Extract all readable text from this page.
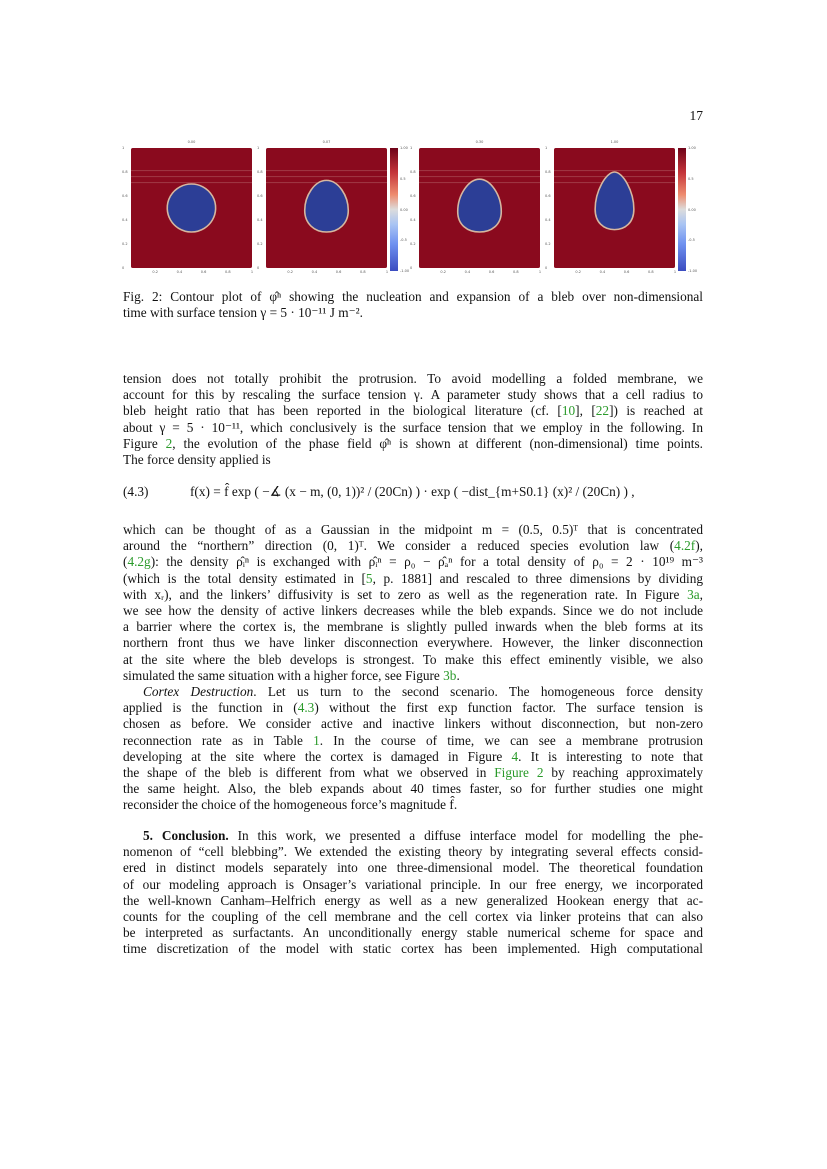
17
0.00
0
0.2
0.4
0.6
0.8
1
0.2	0.4	0.6	0.8	1
0.07
0
0.2
0.4
0.6
0.8
1
0.2	0.4	0.6	0.8	1
0.30
0
0.2
0.4
0.6
0.8
1
0.2	0.4	0.6	0.8	1
1.00
0
0.2
0.4
0.6
0.8
1
0.2	0.4	0.6	0.8	1
1.00
0.5
0.00
-0.5
-1.00
1.00
0.5
0.00
-0.5
-1.00
Fig. 2: Contour plot of φ̂ⁿ showing the nucleation and expansion of a bleb over non-dimensional
time with surface tension γ = 5 · 10⁻¹¹ J m⁻².
tension does not totally prohibit the protrusion. To avoid modelling a folded membrane, we
account for this by rescaling the surface tension γ. A parameter study shows that a cell radius to
bleb height ratio that has been reported in the biological literature (cf. [10], [22]) is reached at
about γ = 5 · 10⁻¹¹, which conclusively is the surface tension that we employ in the following. In
Figure 2, the evolution of the phase field φ̂ⁿ is shown at different (non-dimensional) time points.
The force density applied is
(4.3)	f(x) = f̂ exp ( −∡ (x − m, (0, 1))² / (20Cn) ) · exp ( −dist_{m+S0.1} (x)² / (20Cn) ) ,
which can be thought of as a Gaussian in the midpoint m = (0.5, 0.5)ᵀ that is concentrated
around the “northern” direction (0, 1)ᵀ. We consider a reduced species evolution law (4.2f),
(4.2g): the density ρ̂ᵢⁿ is exchanged with ρ̂ᵢⁿ = ρ₀ − ρ̂ₐⁿ for a total density of ρ₀ = 2 · 10¹⁹ m⁻³
(which is the total density estimated in [5, p. 1881] and rescaled to three dimensions by dividing
with xᵣ), and the linkers’ diffusivity is set to zero as well as the regeneration rate. In Figure 3a,
we see how the density of active linkers decreases while the bleb expands. Since we do not include
a barrier where the cortex is, the membrane is slightly pulled inwards when the bleb forms at its
northern front thus we have linker disconnection everywhere. However, the linker disconnection
at the site where the bleb develops is strongest. To make this effect eminently visible, we also
simulated the same situation with a higher force, see Figure 3b.
Cortex Destruction. Let us turn to the second scenario. The homogeneous force density
applied is the function in (4.3) without the first exp function factor. The surface tension is
chosen as before. We consider active and inactive linkers without disconnection, but non-zero
reconnection rate as in Table 1. In the course of time, we can see a membrane protrusion
developing at the site where the cortex is damaged in Figure 4. It is interesting to note that
the shape of the bleb is different from what we observed in Figure 2 by reaching approximately
the same height. Also, the bleb expands about 40 times faster, so for further studies one might
reconsider the choice of the homogeneous force’s magnitude f̂.
5. Conclusion. In this work, we presented a diffuse interface model for modelling the phe-
nomenon of “cell blebbing”. We extended the existing theory by integrating several effects consid-
ered in distinct models separately into one three-dimensional model. The theoretical foundation
of our modeling approach is Onsager’s variational principle. In our free energy, we incorporated
the well-known Canham–Helfrich energy as well as a new generalized Hookean energy that ac-
counts for the coupling of the cell membrane and the cell cortex via linker proteins that can also
be interpreted as surfactants. An unconditionally energy stable numerical scheme for space and
time discretization of the model with static cortex has been implemented. High computational
